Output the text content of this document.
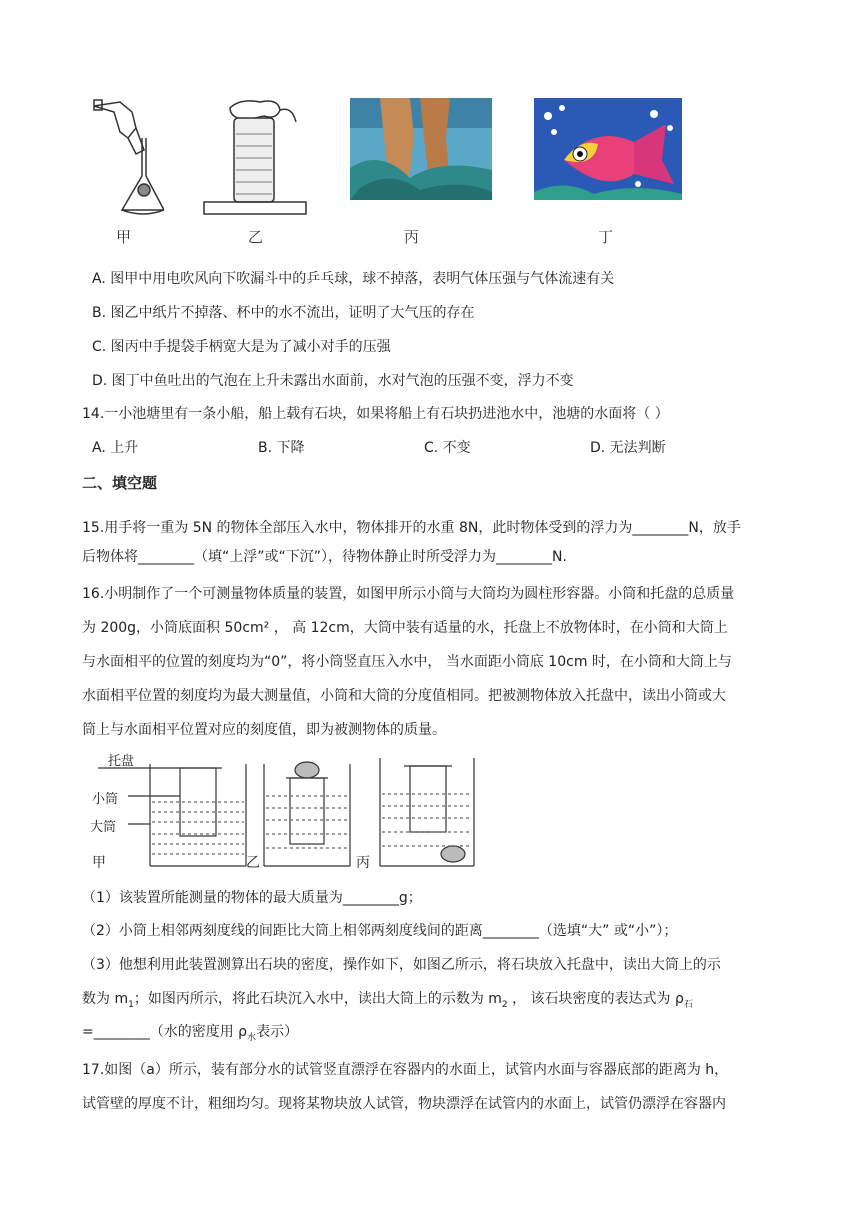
甲	乙	丙	丁
A. 图甲中用电吹风向下吹漏斗中的乒乓球，球不掉落，表明气体压强与气体流速有关
B. 图乙中纸片不掉落、杯中的水不流出，证明了大气压的存在
C. 图丙中手提袋手柄宽大是为了减小对手的压强
D. 图丁中鱼吐出的气泡在上升未露出水面前，水对气泡的压强不变，浮力不变
14.一小池塘里有一条小船，船上载有石块，如果将船上有石块扔进池水中，池塘的水面将（ ）
A. 上升	B. 下降	C. 不变	D. 无法判断
二、填空题
15.用手将一重为 5N 的物体全部压入水中，物体排开的水重 8N，此时物体受到的浮力为________N，放手
后物体将________（填“上浮”或“下沉”），待物体静止时所受浮力为________N.
16.小明制作了一个可测量物体质量的装置，如图甲所示小筒与大筒均为圆柱形容器。小筒和托盘的总质量
为 200g，小筒底面积 50cm² ， 高 12cm，大筒中装有适量的水，托盘上不放物体时，在小筒和大筒上
与水面相平的位置的刻度均为“0”，将小筒竖直压入水中， 当水面距小筒底 10cm 时，在小筒和大筒上与
水面相平位置的刻度均为最大测量值，小筒和大筒的分度值相同。把被测物体放入托盘中，读出小筒或大
筒上与水面相平位置对应的刻度值，即为被测物体的质量。
托盘
小筒
大筒
甲	乙	丙
（1）该装置所能测量的物体的最大质量为________g；
（2）小筒上相邻两刻度线的间距比大筒上相邻两刻度线间的距离________（选填“大” 或“小”）；
（3）他想利用此装置测算出石块的密度，操作如下，如图乙所示，将石块放入托盘中，读出大筒上的示
数为 $m_1$；如图丙所示，将此石块沉入水中，读出大筒上的示数为 $m_2$ ， 该石块密度的表达式为 $\rho_石$
=________（水的密度用 $\rho_水$表示）
17.如图（a）所示，装有部分水的试管竖直漂浮在容器内的水面上，试管内水面与容器底部的距离为 h，
试管壁的厚度不计，粗细均匀。现将某物块放人试管，物块漂浮在试管内的水面上，试管仍漂浮在容器内
